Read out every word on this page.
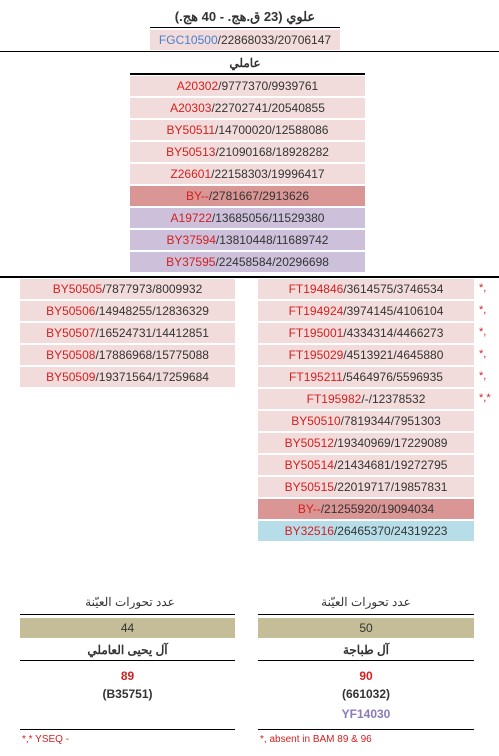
علوي (23 ق.هج. - 40 هج.)
FGC10500/22868033/20706147
عاملي
A20302/9777370/9939761
A20303/22702741/20540855
BY50511/14700020/12588086
BY50513/21090168/18928282
Z26601/22158303/19996417
BY--/2781667/2913626
A19722/13685056/11529380
BY37594/13810448/11689742
BY37595/22458584/20296698
BY50505/7877973/8009932
BY50506/14948255/12836329
BY50507/16524731/14412851
BY50508/17886968/15775088
BY50509/19371564/17259684
FT194846/3614575/3746534	*,
FT194924/3974145/4106104	*,
FT195001/4334314/4466273	*,
FT195029/4513921/4645880	*,
FT195211/5464976/5596935	*,
FT195982/-/12378532	*,*
BY50510/7819344/7951303
BY50512/19340969/17229089
BY50514/21434681/19272795
BY50515/22019717/19857831
BY--/21255920/19094034
BY32516/26465370/24319223
عدد تحورات العيّنة
44
آل يحيى العاملي
89
(B35751)
عدد تحورات العيّنة
50
آل طباجة
90
(661032)
YF14030
*,* YSEQ -	*, absent in BAM 89 & 96
